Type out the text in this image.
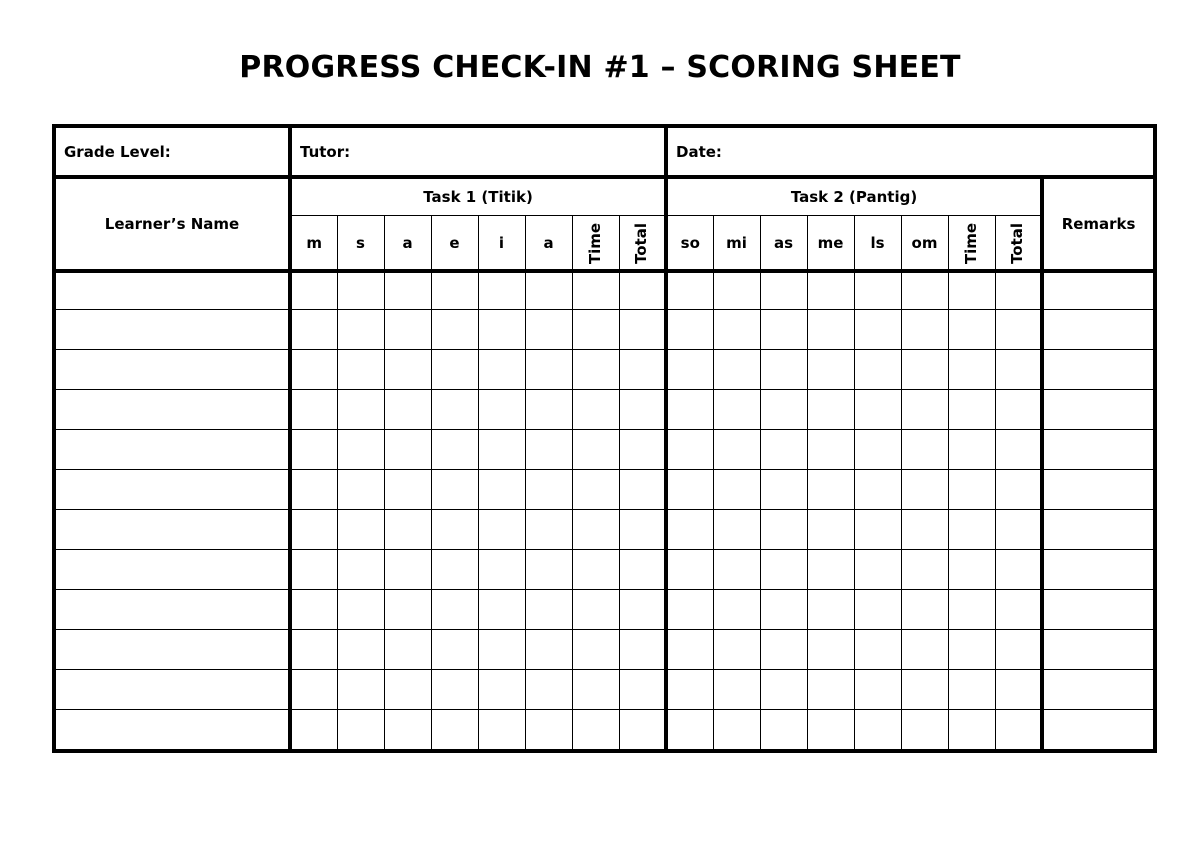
PROGRESS CHECK-IN #1 – SCORING SHEET
Grade Level:	Tutor:								Date:								
Learner’s Name	Task 1 (Titik)								Task 2 (Pantig)								Remarks
	m	s	a	e	i	a	Time	Total	so	mi	as	me	ls	om	Time	Total	
